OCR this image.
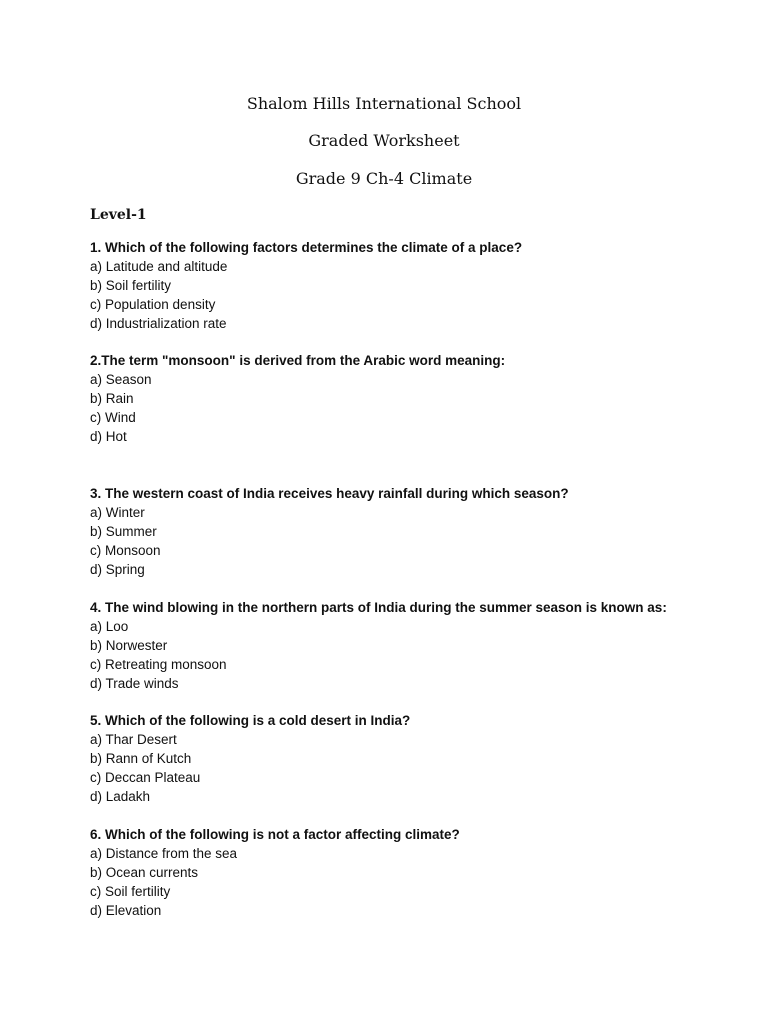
Shalom Hills International School
Graded Worksheet
Grade 9 Ch-4 Climate
Level-1
1. Which of the following factors determines the climate of a place?
a) Latitude and altitude
b) Soil fertility
c) Population density
d) Industrialization rate
2.The term "monsoon" is derived from the Arabic word meaning:
a) Season
b) Rain
c) Wind
d) Hot
3. The western coast of India receives heavy rainfall during which season?
a) Winter
b) Summer
c) Monsoon
d) Spring
4. The wind blowing in the northern parts of India during the summer season is known as:
a) Loo
b) Norwester
c) Retreating monsoon
d) Trade winds
5. Which of the following is a cold desert in India?
a) Thar Desert
b) Rann of Kutch
c) Deccan Plateau
d) Ladakh
6. Which of the following is not a factor affecting climate?
a) Distance from the sea
b) Ocean currents
c) Soil fertility
d) Elevation
